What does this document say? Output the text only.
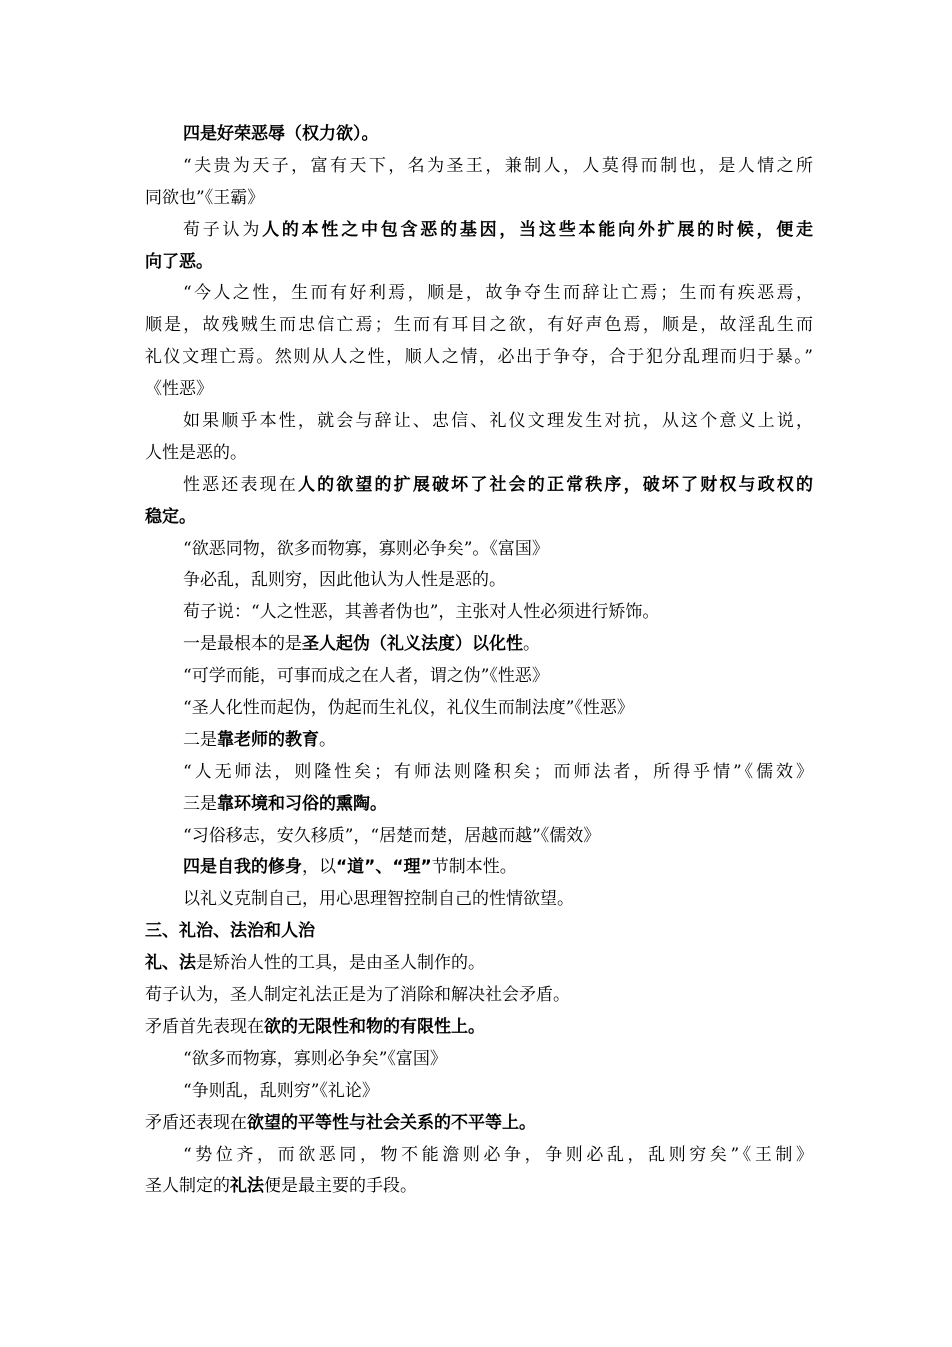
四是好荣恶辱（权力欲）。
“夫贵为天子，富有天下，名为圣王，兼制人，人莫得而制也，是人情之所
同欲也”《王霸》
荀子认为人的本性之中包含恶的基因，当这些本能向外扩展的时候，便走
向了恶。
“今人之性，生而有好利焉，顺是，故争夺生而辞让亡焉；生而有疾恶焉，
顺是，故残贼生而忠信亡焉；生而有耳目之欲，有好声色焉，顺是，故淫乱生而
礼仪文理亡焉。然则从人之性，顺人之情，必出于争夺，合于犯分乱理而归于暴。”
《性恶》
如果顺乎本性，就会与辞让、忠信、礼仪文理发生对抗，从这个意义上说，
人性是恶的。
性恶还表现在人的欲望的扩展破坏了社会的正常秩序，破坏了财权与政权的
稳定。
“欲恶同物，欲多而物寡，寡则必争矣”。《富国》
争必乱，乱则穷，因此他认为人性是恶的。
荀子说：“人之性恶，其善者伪也”，主张对人性必须进行矫饰。
一是最根本的是圣人起伪（礼义法度）以化性。
“可学而能，可事而成之在人者，谓之伪”《性恶》
“圣人化性而起伪，伪起而生礼仪，礼仪生而制法度”《性恶》
二是靠老师的教育。
“人无师法，则隆性矣；有师法则隆积矣；而师法者，所得乎情”《儒效》
三是靠环境和习俗的熏陶。
“习俗移志，安久移质”，“居楚而楚，居越而越”《儒效》
四是自我的修身，以“道”、“理”节制本性。
以礼义克制自己，用心思理智控制自己的性情欲望。
三、礼治、法治和人治
礼、法是矫治人性的工具，是由圣人制作的。
荀子认为，圣人制定礼法正是为了消除和解决社会矛盾。
矛盾首先表现在欲的无限性和物的有限性上。
“欲多而物寡，寡则必争矣”《富国》
“争则乱，乱则穷”《礼论》
矛盾还表现在欲望的平等性与社会关系的不平等上。
“势位齐，而欲恶同，物不能澹则必争，争则必乱，乱则穷矣”《王制》
圣人制定的礼法便是最主要的手段。
